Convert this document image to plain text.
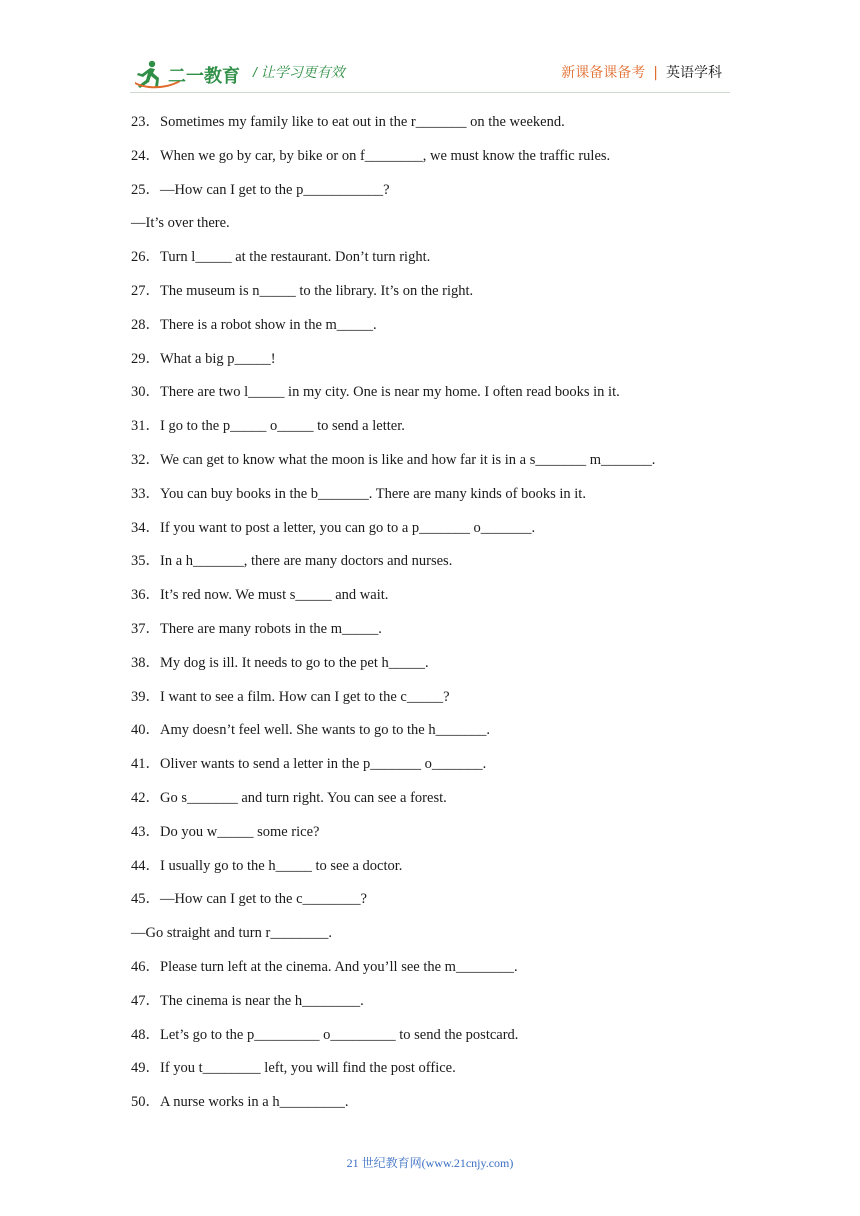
二一教育 / 让学习更有效	新课备课备考 | 英语学科
23．Sometimes my family like to eat out in the r_______ on the weekend.
24．When we go by car, by bike or on f________, we must know the traffic rules.
25．—How can I get to the p___________?
—It’s over there.
26．Turn l_____ at the restaurant. Don’t turn right.
27．The museum is n_____ to the library. It’s on the right.
28．There is a robot show in the m_____.
29．What a big p_____!
30．There are two l_____ in my city. One is near my home. I often read books in it.
31．I go to the p_____ o_____ to send a letter.
32．We can get to know what the moon is like and how far it is in a s_______ m_______.
33．You can buy books in the b_______. There are many kinds of books in it.
34．If you want to post a letter, you can go to a p_______ o_______.
35．In a h_______, there are many doctors and nurses.
36．It’s red now. We must s_____ and wait.
37．There are many robots in the m_____.
38．My dog is ill. It needs to go to the pet h_____.
39．I want to see a film. How can I get to the c_____?
40．Amy doesn’t feel well. She wants to go to the h_______.
41．Oliver wants to send a letter in the p_______ o_______.
42．Go s_______ and turn right. You can see a forest.
43．Do you w_____ some rice?
44．I usually go to the h_____ to see a doctor.
45．—How can I get to the c________?
—Go straight and turn r________.
46．Please turn left at the cinema. And you’ll see the m________.
47．The cinema is near the h________.
48．Let’s go to the p_________ o_________ to send the postcard.
49．If you t________ left, you will find the post office.
50．A nurse works in a h_________.
21 世纪教育网(www.21cnjy.com)
